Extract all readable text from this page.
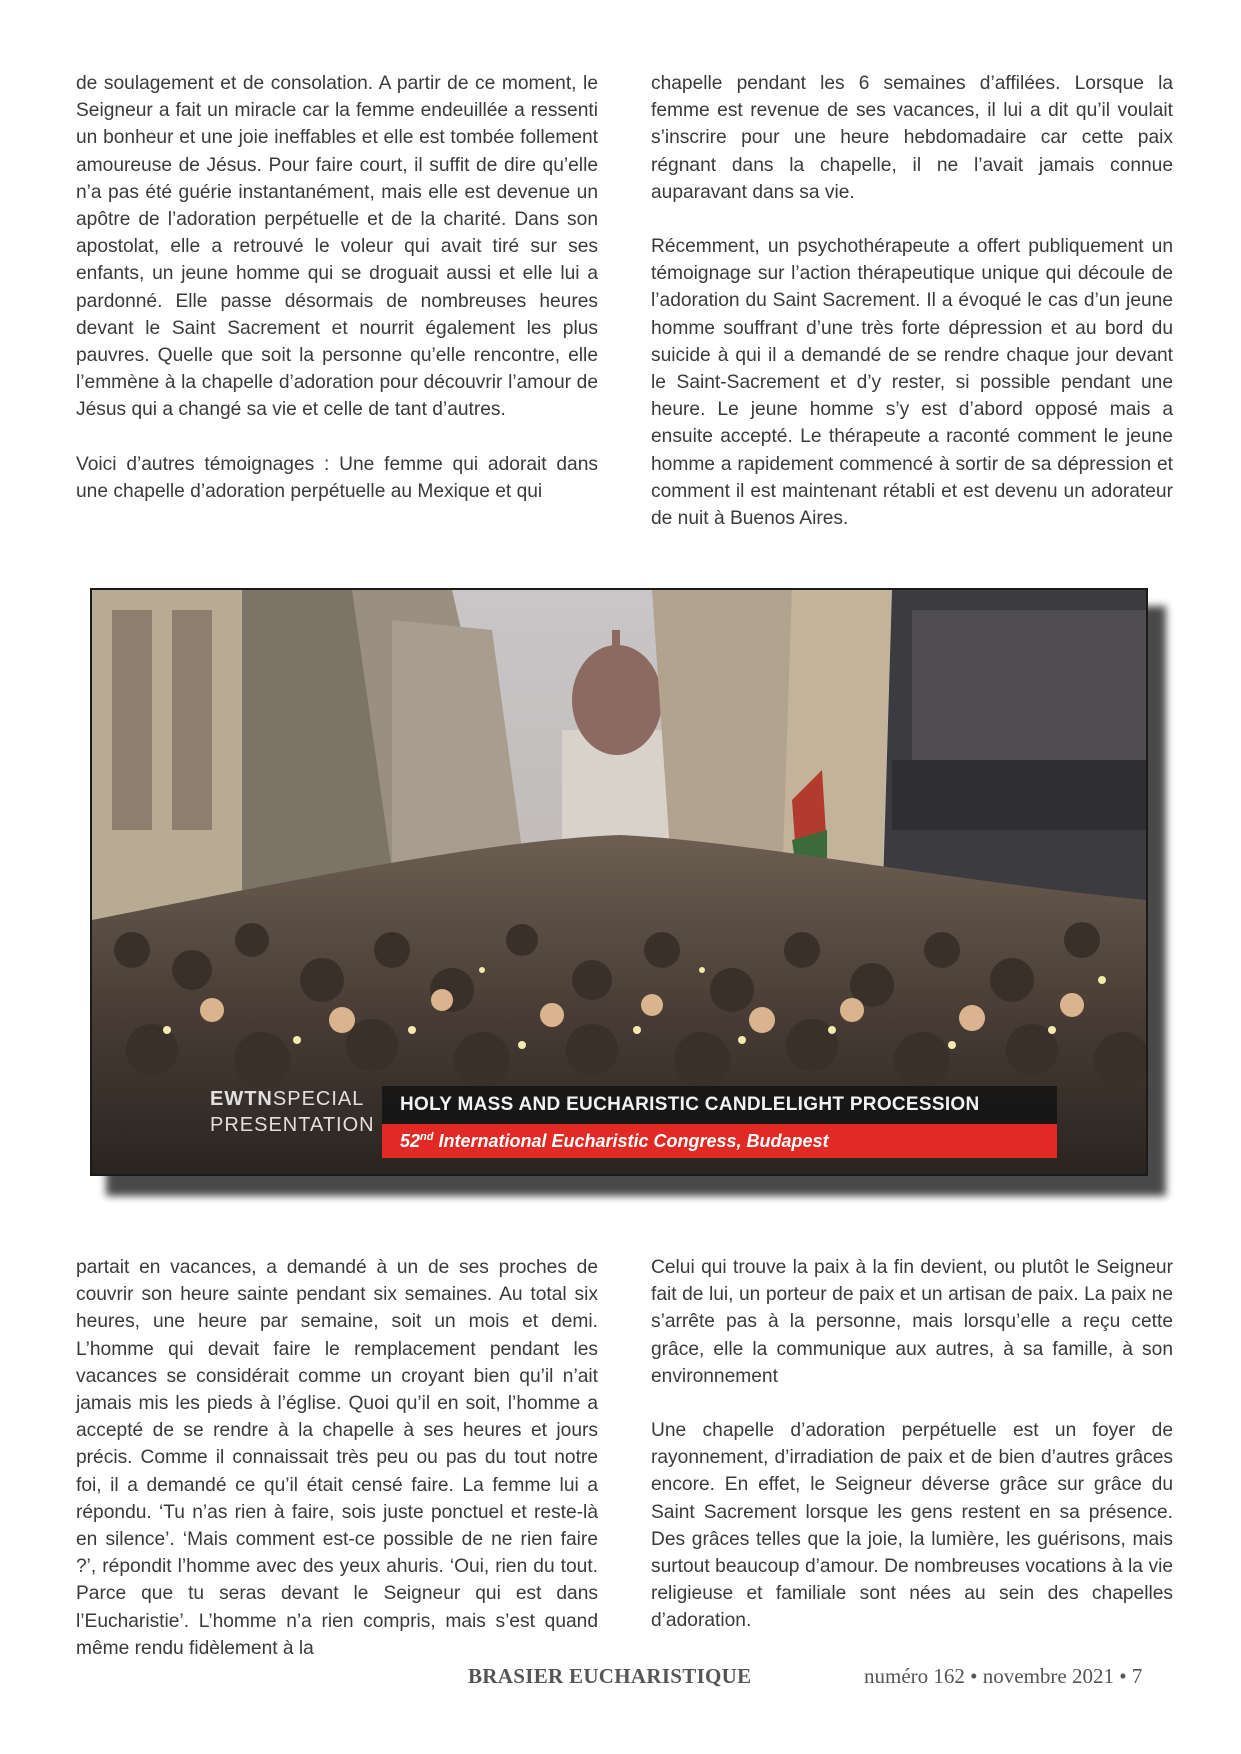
de soulagement et de consolation. A partir de ce moment, le Seigneur a fait un miracle car la femme endeuillée a ressenti un bonheur et une joie ineffables et elle est tombée follement amoureuse de Jésus. Pour faire court, il suffit de dire qu’elle n’a pas été guérie instantanément, mais elle est devenue un apôtre de l’adoration perpétuelle et de la charité. Dans son apostolat, elle a retrouvé le voleur qui avait tiré sur ses enfants, un jeune homme qui se droguait aussi et elle lui a pardonné. Elle passe désormais de nombreuses heures devant le Saint Sacrement et nourrit également les plus pauvres. Quelle que soit la personne qu’elle rencontre, elle l’emmène à la chapelle d’adoration pour découvrir l’amour de Jésus qui a changé sa vie et celle de tant d’autres.

Voici d’autres témoignages : Une femme qui adorait dans une chapelle d’adoration perpétuelle au Mexique et qui

chapelle pendant les 6 semaines d’affilées. Lorsque la femme est revenue de ses vacances, il lui a dit qu’il voulait s’inscrire pour une heure hebdomadaire car cette paix régnant dans la chapelle, il ne l’avait jamais connue auparavant dans sa vie.

Récemment, un psychothérapeute a offert publiquement un témoignage sur l’action thérapeutique unique qui découle de l’adoration du Saint Sacrement. Il a évoqué le cas d’un jeune homme souffrant d’une très forte dépression et au bord du suicide à qui il a demandé de se rendre chaque jour devant le Saint-Sacrement et d’y rester, si possible pendant une heure. Le jeune homme s’y est d’abord opposé mais a ensuite accepté. Le thérapeute a raconté comment le jeune homme a rapidement commencé à sortir de sa dépression et comment il est maintenant rétabli et est devenu un adorateur de nuit à Buenos Aires.

EWTNSPECIAL
PRESENTATION
HOLY MASS AND EUCHARISTIC CANDLELIGHT PROCESSION
52nd International Eucharistic Congress, Budapest

partait en vacances, a demandé à un de ses proches de couvrir son heure sainte pendant six semaines. Au total six heures, une heure par semaine, soit un mois et demi. L’homme qui devait faire le remplacement pendant les vacances se considérait comme un croyant bien qu’il n’ait jamais mis les pieds à l’église. Quoi qu’il en soit, l’homme a accepté de se rendre à la chapelle à ses heures et jours précis. Comme il connaissait très peu ou pas du tout notre foi, il a demandé ce qu’il était censé faire. La femme lui a répondu. ‘Tu n’as rien à faire, sois juste ponctuel et reste-là en silence’. ‘Mais comment est-ce possible de ne rien faire ?’, répondit l’homme avec des yeux ahuris. ‘Oui, rien du tout. Parce que tu seras devant le Seigneur qui est dans l’Eucharistie’. L’homme n’a rien compris, mais s’est quand même rendu fidèlement à la

Celui qui trouve la paix à la fin devient, ou plutôt le Seigneur fait de lui, un porteur de paix et un artisan de paix. La paix ne s’arrête pas à la personne, mais lorsqu’elle a reçu cette grâce, elle la communique aux autres, à sa famille, à son environnement

Une chapelle d’adoration perpétuelle est un foyer de rayonnement, d’irradiation de paix et de bien d’autres grâces encore. En effet, le Seigneur déverse grâce sur grâce du Saint Sacrement lorsque les gens restent en sa présence. Des grâces telles que la joie, la lumière, les guérisons, mais surtout beaucoup d’amour. De nombreuses vocations à la vie religieuse et familiale sont nées au sein des chapelles d’adoration.

BRASIER EUCHARISTIQUE	numéro 162 • novembre 2021 • 7
